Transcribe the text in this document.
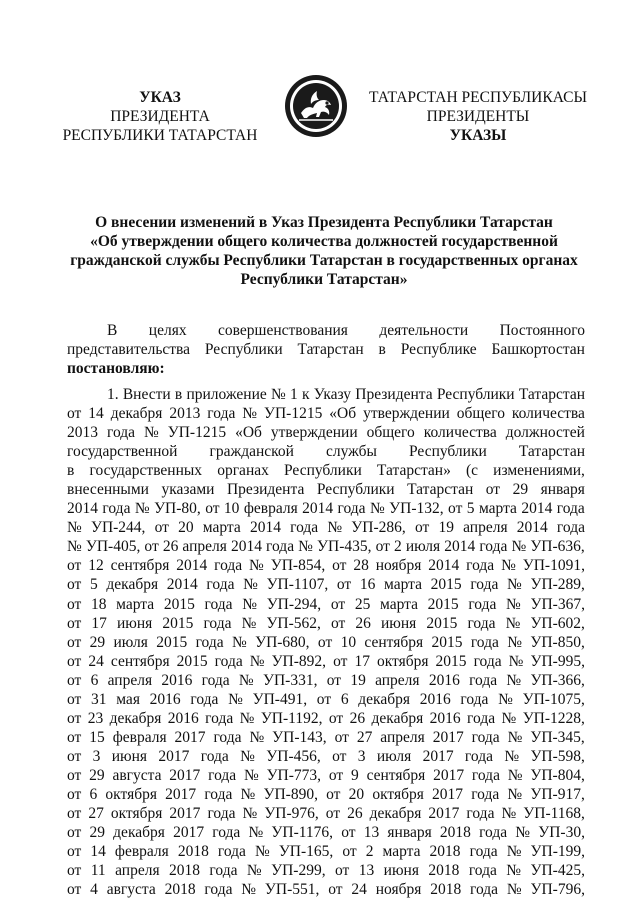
УКАЗ
ПРЕЗИДЕНТА
РЕСПУБЛИКИ ТАТАРСТАН
ТАТАРСТАН РЕСПУБЛИКАСЫ
ПРЕЗИДЕНТЫ
УКАЗЫ
О внесении изменений в Указ Президента Республики Татарстан
«Об утверждении общего количества должностей государственной
гражданской службы Республики Татарстан в государственных органах
Республики Татарстан»
В целях совершенствования деятельности Постоянного
представительства Республики Татарстан в Республике Башкортостан
постановляю:
1. Внести в приложение № 1 к Указу Президента Республики Татарстан
от 14 декабря 2013 года № УП-1215 «Об утверждении общего количества
2013 года № УП-1215 «Об утверждении общего количества должностей
государственной гражданской службы Республики Татарстан
в государственных органах Республики Татарстан» (с изменениями,
внесенными указами Президента Республики Татарстан от 29 января
2014 года № УП-80, от 10 февраля 2014 года № УП-132, от 5 марта 2014 года
№ УП-244, от 20 марта 2014 года № УП-286, от 19 апреля 2014 года
№ УП-405, от 26 апреля 2014 года № УП-435, от 2 июля 2014 года № УП-636,
от 12 сентября 2014 года № УП-854, от 28 ноября 2014 года № УП-1091,
от 5 декабря 2014 года № УП-1107, от 16 марта 2015 года № УП-289,
от 18 марта 2015 года № УП-294, от 25 марта 2015 года № УП-367,
от 17 июня 2015 года № УП-562, от 26 июня 2015 года № УП-602,
от 29 июля 2015 года № УП-680, от 10 сентября 2015 года № УП-850,
от 24 сентября 2015 года № УП-892, от 17 октября 2015 года № УП-995,
от 6 апреля 2016 года № УП-331, от 19 апреля 2016 года № УП-366,
от 31 мая 2016 года № УП-491, от 6 декабря 2016 года № УП-1075,
от 23 декабря 2016 года № УП-1192, от 26 декабря 2016 года № УП-1228,
от 15 февраля 2017 года № УП-143, от 27 апреля 2017 года № УП-345,
от 3 июня 2017 года № УП-456, от 3 июля 2017 года № УП-598,
от 29 августа 2017 года № УП-773, от 9 сентября 2017 года № УП-804,
от 6 октября 2017 года № УП-890, от 20 октября 2017 года № УП-917,
от 27 октября 2017 года № УП-976, от 26 декабря 2017 года № УП-1168,
от 29 декабря 2017 года № УП-1176, от 13 января 2018 года № УП-30,
от 14 февраля 2018 года № УП-165, от 2 марта 2018 года № УП-199,
от 11 апреля 2018 года № УП-299, от 13 июня 2018 года № УП-425,
от 4 августа 2018 года № УП-551, от 24 ноября 2018 года № УП-796,
